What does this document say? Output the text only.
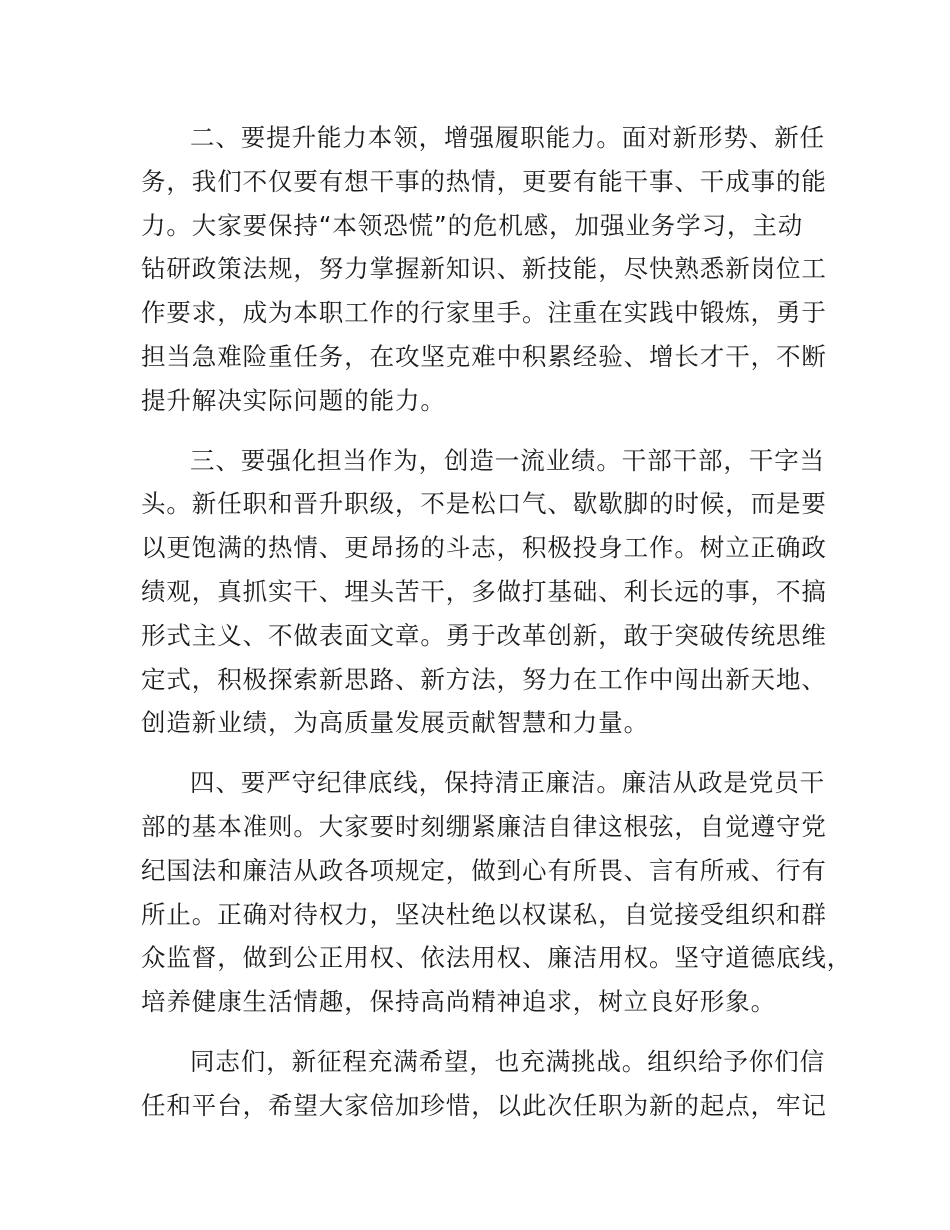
二、要提升能力本领，增强履职能力。面对新形势、新任
务，我们不仅要有想干事的热情，更要有能干事、干成事的能
力。大家要保持“本领恐慌”的危机感，加强业务学习，主动
钻研政策法规，努力掌握新知识、新技能，尽快熟悉新岗位工
作要求，成为本职工作的行家里手。注重在实践中锻炼，勇于
担当急难险重任务，在攻坚克难中积累经验、增长才干，不断
提升解决实际问题的能力。

三、要强化担当作为，创造一流业绩。干部干部，干字当
头。新任职和晋升职级，不是松口气、歇歇脚的时候，而是要
以更饱满的热情、更昂扬的斗志，积极投身工作。树立正确政
绩观，真抓实干、埋头苦干，多做打基础、利长远的事，不搞
形式主义、不做表面文章。勇于改革创新，敢于突破传统思维
定式，积极探索新思路、新方法，努力在工作中闯出新天地、
创造新业绩，为高质量发展贡献智慧和力量。

四、要严守纪律底线，保持清正廉洁。廉洁从政是党员干
部的基本准则。大家要时刻绷紧廉洁自律这根弦，自觉遵守党
纪国法和廉洁从政各项规定，做到心有所畏、言有所戒、行有
所止。正确对待权力，坚决杜绝以权谋私，自觉接受组织和群
众监督，做到公正用权、依法用权、廉洁用权。坚守道德底线，
培养健康生活情趣，保持高尚精神追求，树立良好形象。

同志们，新征程充满希望，也充满挑战。组织给予你们信
任和平台，希望大家倍加珍惜，以此次任职为新的起点，牢记
